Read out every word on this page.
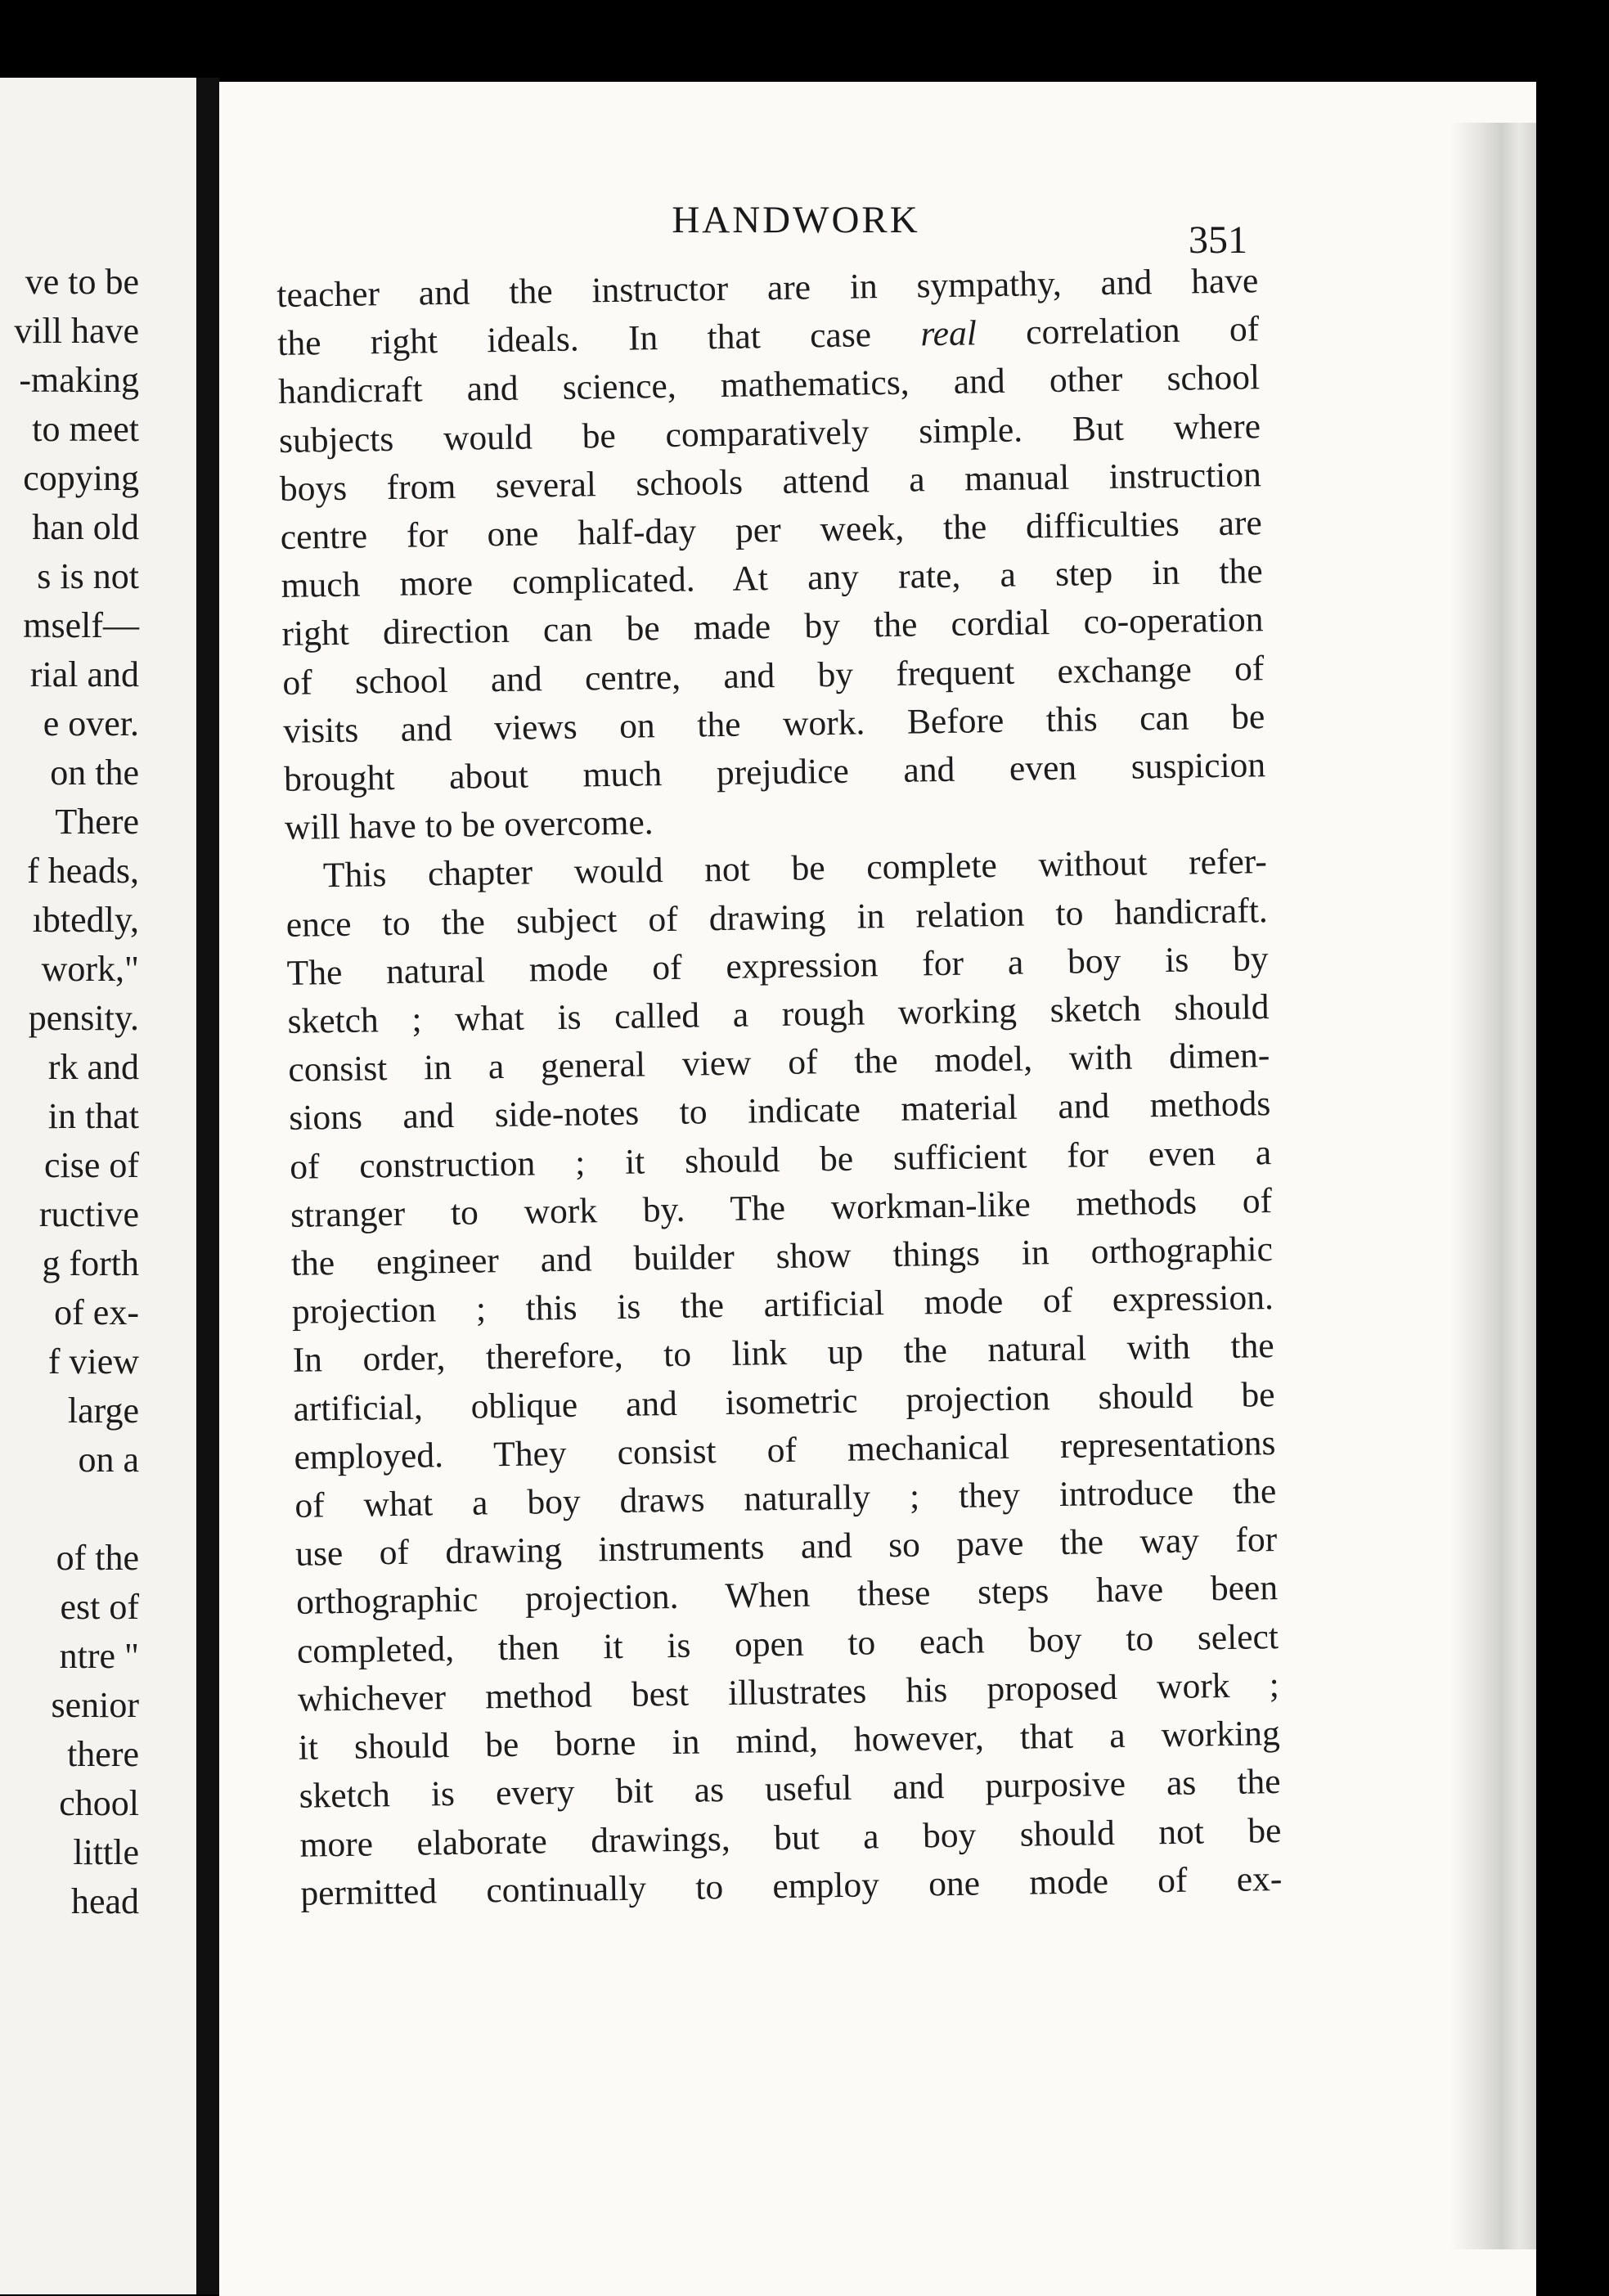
ve to be
vill have
-making
to meet
copying
han old
s is not
mself—
rial and
e over.
on the
There
f heads,
ıbtedly,
work,"
pensity.
rk and
in that
cise of
ructive
g forth
of ex-
f view
large
on a
of the
est of
ntre "
senior
there
chool
little
head
HANDWORK	351
teacher and the instructor are in sympathy, and have
the right ideals. In that case real correlation of
handicraft and science, mathematics, and other school
subjects would be comparatively simple. But where
boys from several schools attend a manual instruction
centre for one half-day per week, the difficulties are
much more complicated. At any rate, a step in the
right direction can be made by the cordial co-operation
of school and centre, and by frequent exchange of
visits and views on the work. Before this can be
brought about much prejudice and even suspicion
will have to be overcome.
This chapter would not be complete without refer-
ence to the subject of drawing in relation to handicraft.
The natural mode of expression for a boy is by
sketch ; what is called a rough working sketch should
consist in a general view of the model, with dimen-
sions and side-notes to indicate material and methods
of construction ; it should be sufficient for even a
stranger to work by. The workman-like methods of
the engineer and builder show things in orthographic
projection ; this is the artificial mode of expression.
In order, therefore, to link up the natural with the
artificial, oblique and isometric projection should be
employed. They consist of mechanical representations
of what a boy draws naturally ; they introduce the
use of drawing instruments and so pave the way for
orthographic projection. When these steps have been
completed, then it is open to each boy to select
whichever method best illustrates his proposed work ;
it should be borne in mind, however, that a working
sketch is every bit as useful and purposive as the
more elaborate drawings, but a boy should not be
permitted continually to employ one mode of ex-
